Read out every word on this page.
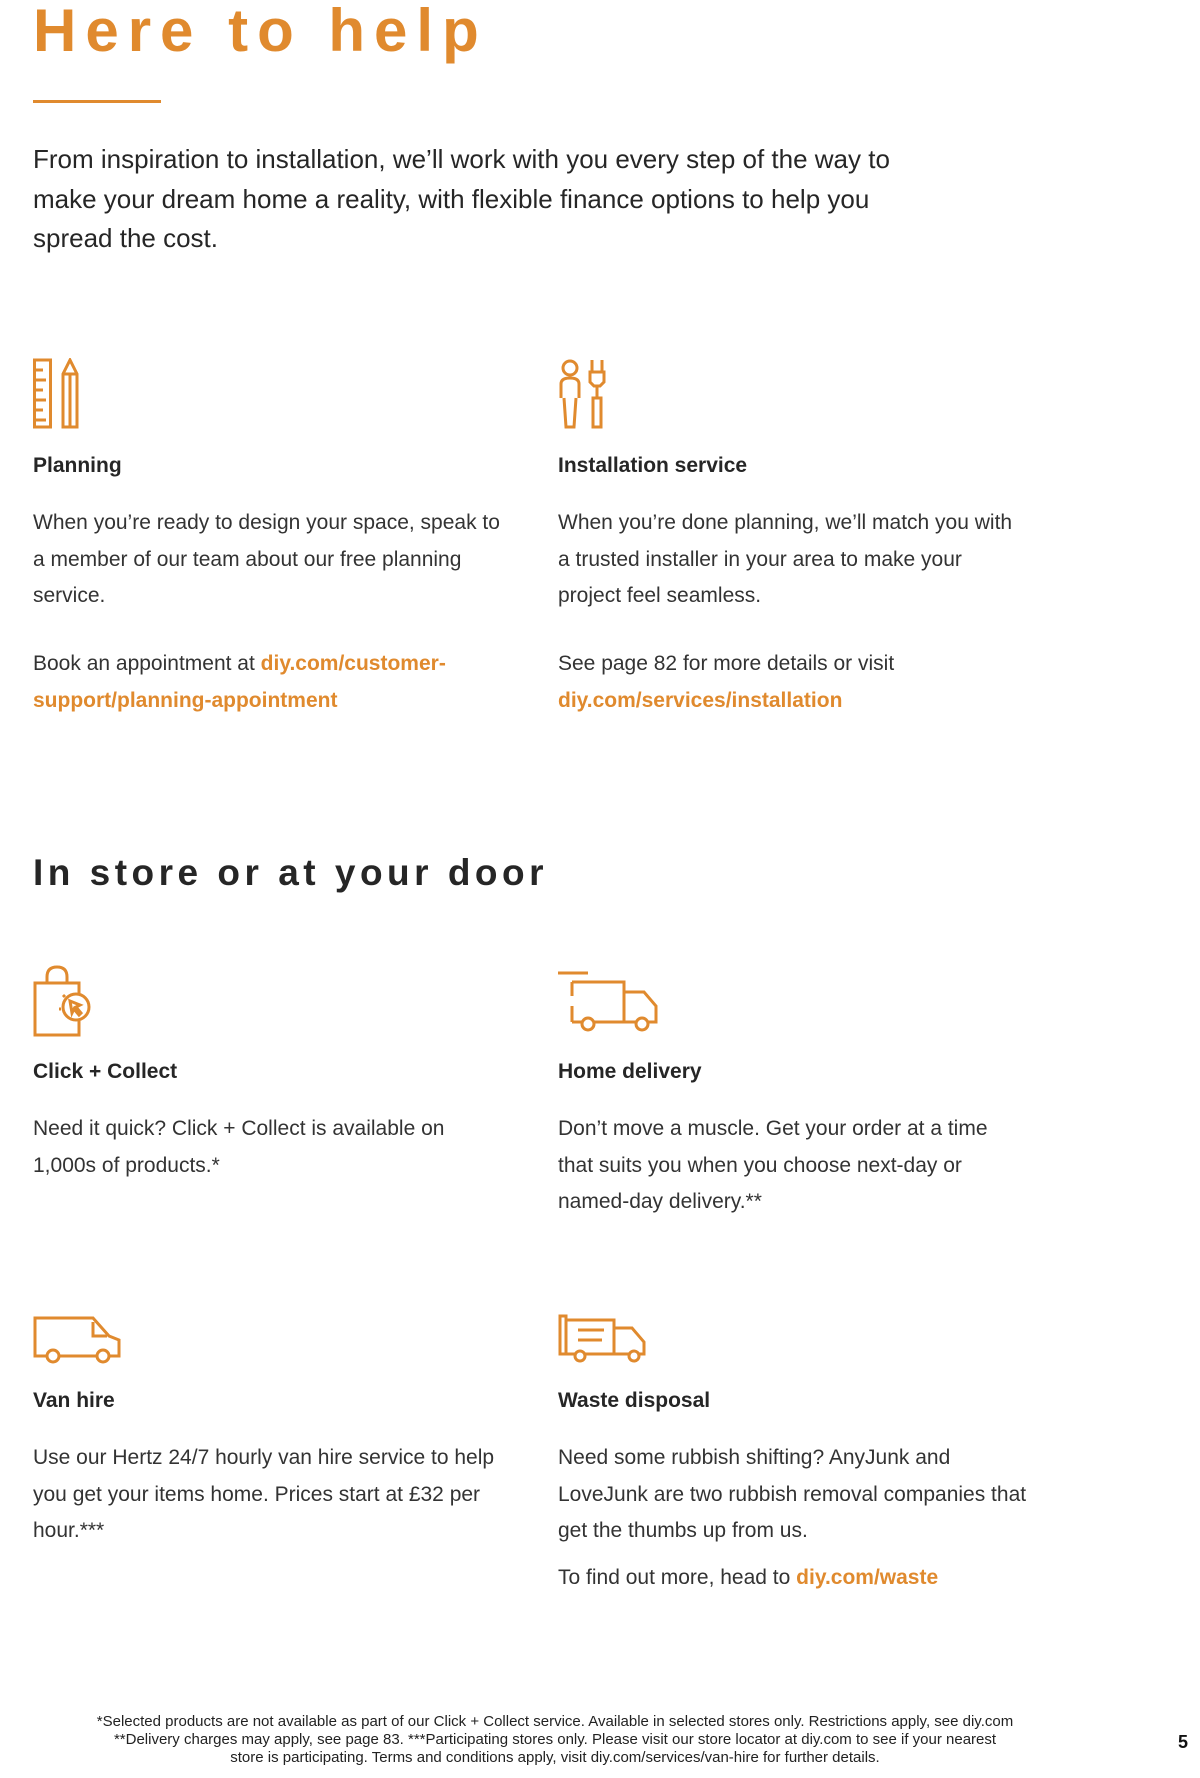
Here to help

From inspiration to installation, we’ll work with you every step of the way to make your dream home a reality, with flexible finance options to help you spread the cost.

Planning

When you’re ready to design your space, speak to a member of our team about our free planning service.

Book an appointment at diy.com/customer-support/planning-appointment

Installation service

When you’re done planning, we’ll match you with a trusted installer in your area to make your project feel seamless.

See page 82 for more details or visit diy.com/services/installation

In store or at your door
Click + Collect

Need it quick? Click + Collect is available on 1,000s of products.*

Home delivery

Don’t move a muscle. Get your order at a time that suits you when you choose next-day or named-day delivery.**

Van hire

Use our Hertz 24/7 hourly van hire service to help you get your items home. Prices start at £32 per hour.***

Waste disposal

Need some rubbish shifting? AnyJunk and LoveJunk are two rubbish removal companies that get the thumbs up from us.

To find out more, head to diy.com/waste

*Selected products are not available as part of our Click + Collect service. Available in selected stores only. Restrictions apply, see diy.com
**Delivery charges may apply, see page 83. ***Participating stores only. Please visit our store locator at diy.com to see if your nearest
store is participating. Terms and conditions apply, visit diy.com/services/van-hire for further details.
5
